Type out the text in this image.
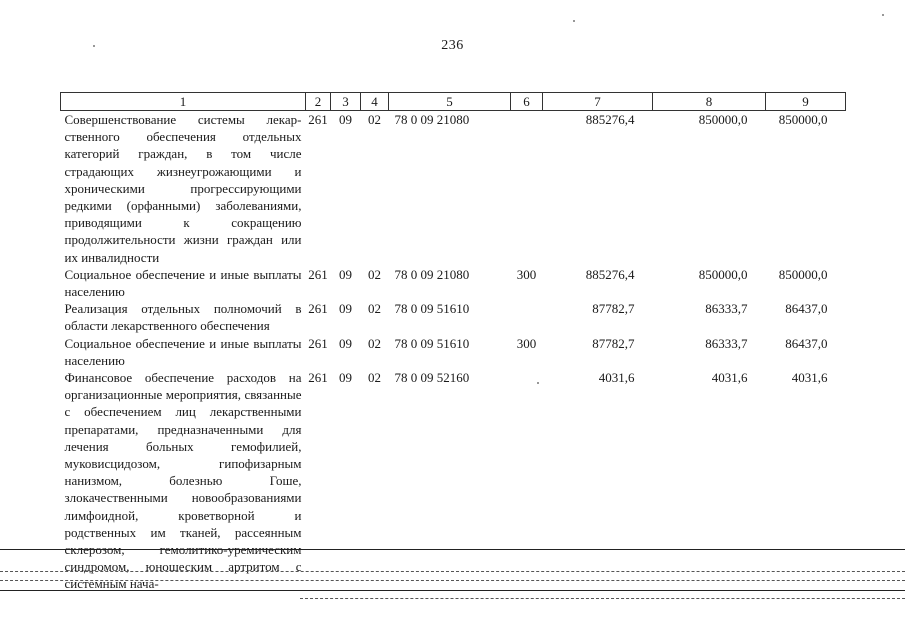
236
1	2	3	4	5	6	7	8	9
Совершенствование системы лекарственного обеспечения отдельных категорий граждан, в том числе страдающих жизнеугрожающими и хроническими прогрессирующими редкими (орфанными) заболеваниями, приводящими к сокращению продолжительности жизни граждан или их инвалидности	261	09	02	78 0 09 21080		885276,4	850000,0	850000,0
Социальное обеспечение и иные выплаты населению	261	09	02	78 0 09 21080	300	885276,4	850000,0	850000,0
Реализация отдельных полномочий в области лекарственного обеспечения	261	09	02	78 0 09 51610		87782,7	86333,7	86437,0
Социальное обеспечение и иные выплаты населению	261	09	02	78 0 09 51610	300	87782,7	86333,7	86437,0
Финансовое обеспечение расходов на организационные мероприятия, связанные с обеспечением лиц лекарственными препаратами, предназначенными для лечения больных гемофилией, муковисцидозом, гипофизарным нанизмом, болезнью Гоше, злокачественными новообразованиями лимфоидной, кроветворной и родственных им тканей, рассеянным склерозом, гемолитико-уремическим синдромом, юношеским артритом с системным нача-	261	09	02	78 0 09 52160		4031,6	4031,6	4031,6
